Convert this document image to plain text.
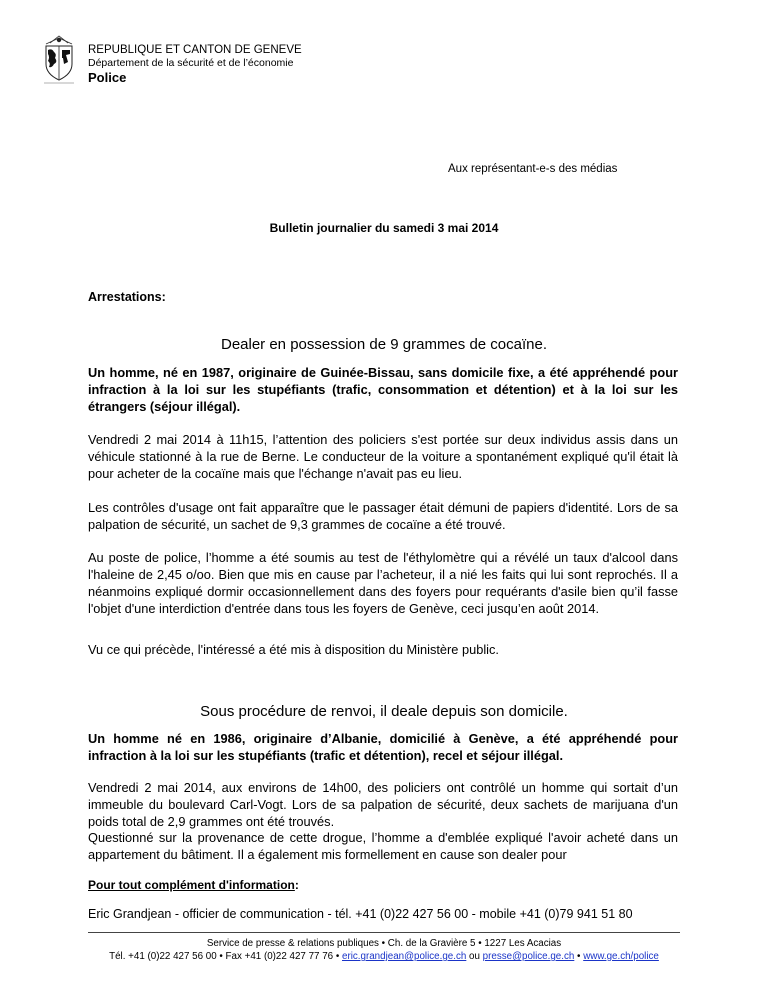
REPUBLIQUE ET CANTON DE GENEVE
Département de la sécurité et de l’économie
Police
Aux représentant-e-s des médias
Bulletin journalier du samedi 3 mai 2014
Arrestations:
Dealer en possession de 9 grammes de cocaïne.
Un homme, né en 1987, originaire de Guinée-Bissau, sans domicile fixe, a été appréhendé pour infraction à la loi sur les stupéfiants (trafic, consommation et détention) et à la loi sur les étrangers (séjour illégal).
Vendredi 2 mai 2014 à 11h15, l’attention des policiers s'est portée sur deux individus assis dans un véhicule stationné à la rue de Berne. Le conducteur de la voiture a spontanément expliqué qu'il était là pour acheter de la cocaïne mais que l'échange n'avait pas eu lieu.
Les contrôles d'usage ont fait apparaître que le passager était démuni de papiers d'identité. Lors de sa palpation de sécurité, un sachet de 9,3 grammes de cocaïne a été trouvé.
Au poste de police, l’homme a été soumis au test de l'éthylomètre qui a révélé un taux d'alcool dans l'haleine de 2,45 o/oo. Bien que mis en cause par l’acheteur, il a nié les faits qui lui sont reprochés. Il a néanmoins expliqué dormir occasionnellement dans des foyers pour requérants d'asile bien qu’il fasse l'objet d'une interdiction d'entrée dans tous les foyers de Genève, ceci jusqu’en août 2014.
Vu ce qui précède, l'intéressé a été mis à disposition du Ministère public.
Sous procédure de renvoi, il deale depuis son domicile.
Un homme né en 1986, originaire d’Albanie, domicilié à Genève, a été appréhendé pour infraction à la loi sur les stupéfiants (trafic et détention), recel et séjour illégal.
Vendredi 2 mai 2014, aux environs de 14h00, des policiers ont contrôlé un homme qui sortait d’un immeuble du boulevard Carl-Vogt. Lors de sa palpation de sécurité, deux sachets de marijuana d'un poids total de 2,9 grammes ont été trouvés.
Questionné sur la provenance de cette drogue, l’homme a d'emblée expliqué l'avoir acheté dans un appartement du bâtiment. Il a également mis formellement en cause son dealer pour
Pour tout complément d'information:
Eric Grandjean - officier de communication - tél. +41 (0)22 427 56 00 - mobile +41 (0)79 941 51 80
Service de presse & relations publiques • Ch. de la Gravière 5 • 1227 Les Acacias
Tél. +41 (0)22 427 56 00 • Fax +41 (0)22 427 77 76 • eric.grandjean@police.ge.ch ou presse@police.ge.ch • www.ge.ch/police
